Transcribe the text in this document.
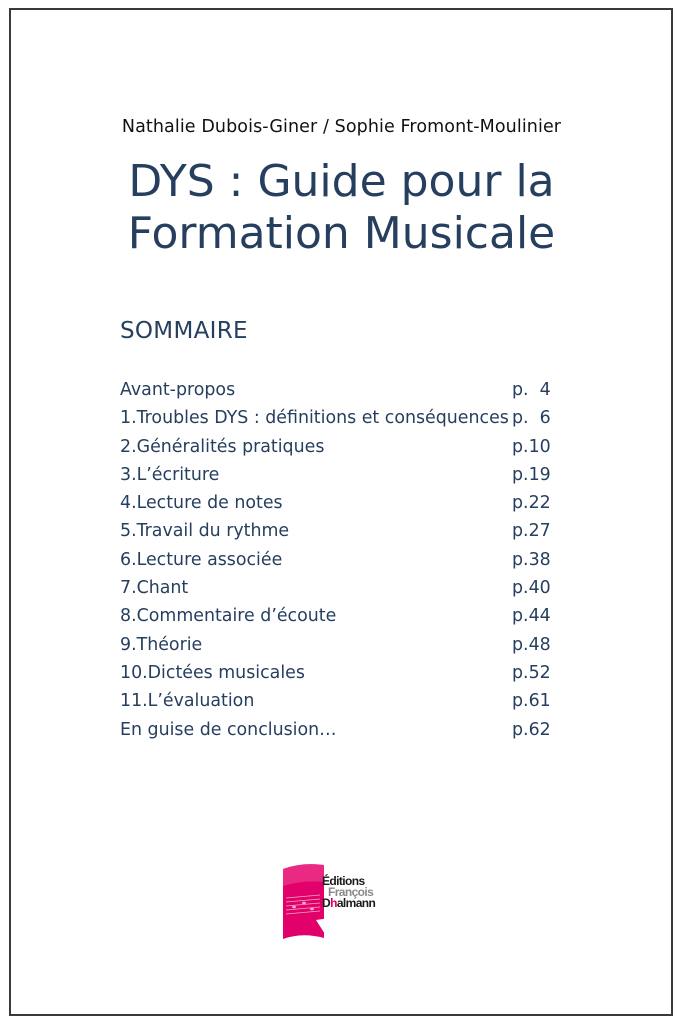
Nathalie Dubois-Giner / Sophie Fromont-Moulinier
DYS : Guide pour la
Formation Musicale
SOMMAIRE
Avant-propos	p.  4
1.Troubles DYS : définitions et conséquences p.  6
2.Généralités pratiques	p.10
3.L’écriture	p.19
4.Lecture de notes	p.22
5.Travail du rythme	p.27
6.Lecture associée	p.38
7.Chant	p.40
8.Commentaire d’écoute	p.44
9.Théorie	p.48
10.Dictées musicales	p.52
11.L’évaluation	p.61
En guise de conclusion…	p.62
Éditions
François
Dhalmann
